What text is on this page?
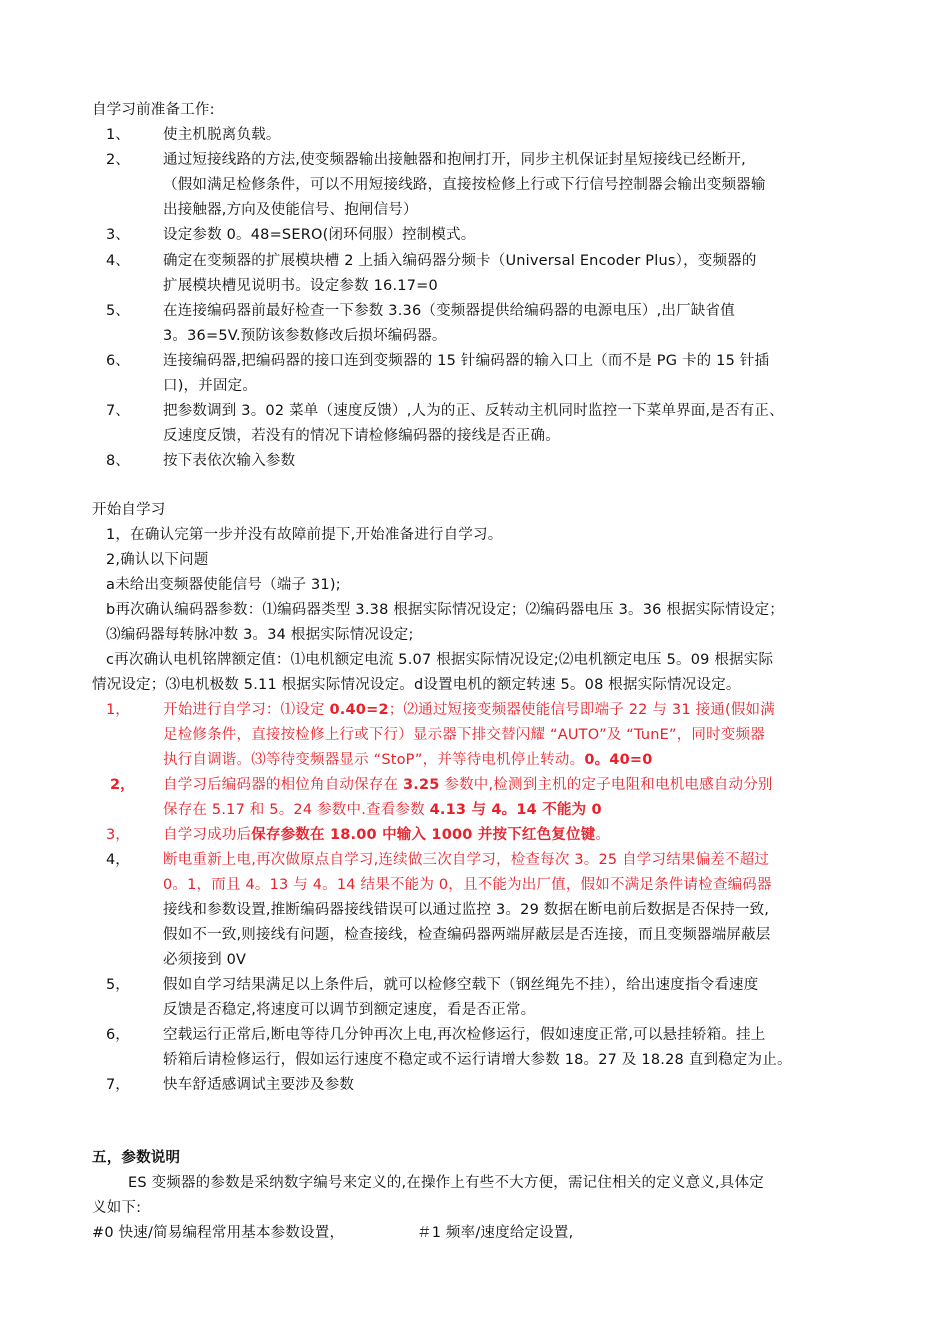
自学习前准备工作:
1、 使主机脱离负载。
2、 通过短接线路的方法,使变频器输出接触器和抱闸打开，同步主机保证封星短接线已经断开,
（假如满足检修条件，可以不用短接线路，直接按检修上行或下行信号控制器会输出变频器输
出接触器,方向及使能信号、抱闸信号）
3、 设定参数 0。48=SERO(闭环伺服）控制模式。
4、 确定在变频器的扩展模块槽 2 上插入编码器分频卡（Universal Encoder Plus），变频器的
扩展模块槽见说明书。设定参数 16.17=0
5、 在连接编码器前最好检查一下参数 3.36（变频器提供给编码器的电源电压）,出厂缺省值
3。36=5V.预防该参数修改后损坏编码器。
6、 连接编码器,把编码器的接口连到变频器的 15 针编码器的输入口上（而不是 PG 卡的 15 针插
口)，并固定。
7、 把参数调到 3。02 菜单（速度反馈）,人为的正、反转动主机同时监控一下菜单界面,是否有正、
反速度反馈，若没有的情况下请检修编码器的接线是否正确。
8、 按下表依次输入参数
开始自学习
1，在确认完第一步并没有故障前提下,开始准备进行自学习。
2,确认以下问题
a未给出变频器使能信号（端子 31);
b再次确认编码器参数：⑴编码器类型 3.38 根据实际情况设定；⑵编码器电压 3。36 根据实际情设定；
⑶编码器每转脉冲数 3。34 根据实际情况设定;
c再次确认电机铭牌额定值：⑴电机额定电流 5.07 根据实际情况设定;⑵电机额定电压 5。09 根据实际
情况设定；⑶电机极数 5.11 根据实际情况设定。d设置电机的额定转速 5。08 根据实际情况设定。
1， 开始进行自学习：⑴设定 0.40=2；⑵通过短接变频器使能信号即端子 22 与 31 接通(假如满
足检修条件，直接按检修上行或下行）显示器下排交替闪耀 “AUTO”及 “TunE”，同时变频器
执行自调谐。⑶等待变频器显示 “StoP”，并等待电机停止转动。0。40=0
2， 自学习后编码器的相位角自动保存在 3.25 参数中,检测到主机的定子电阻和电机电感自动分别
保存在 5.17 和 5。24 参数中.查看参数 4.13 与 4。14 不能为 0
3， 自学习成功后保存参数在 18.00 中输入 1000 并按下红色复位键。
4， 断电重新上电,再次做原点自学习,连续做三次自学习，检查每次 3。25 自学习结果偏差不超过
0。1，而且 4。13 与 4。14 结果不能为 0，且不能为出厂值，假如不满足条件请检查编码器
接线和参数设置,推断编码器接线错误可以通过监控 3。29 数据在断电前后数据是否保持一致,
假如不一致,则接线有问题，检查接线，检查编码器两端屏蔽层是否连接，而且变频器端屏蔽层
必须接到 0V
5， 假如自学习结果满足以上条件后，就可以检修空载下（钢丝绳先不挂），给出速度指令看速度
反馈是否稳定,将速度可以调节到额定速度，看是否正常。
6， 空载运行正常后,断电等待几分钟再次上电,再次检修运行，假如速度正常,可以悬挂轿箱。挂上
轿箱后请检修运行，假如运行速度不稳定或不运行请增大参数 18。27 及 18.28 直到稳定为止。
7， 快车舒适感调试主要涉及参数
五，参数说明
ES 变频器的参数是采纳数字编号来定义的,在操作上有些不大方便，需记住相关的定义意义,具体定
义如下:
#0 快速/简易编程常用基本参数设置，	＃1 频率/速度给定设置,
